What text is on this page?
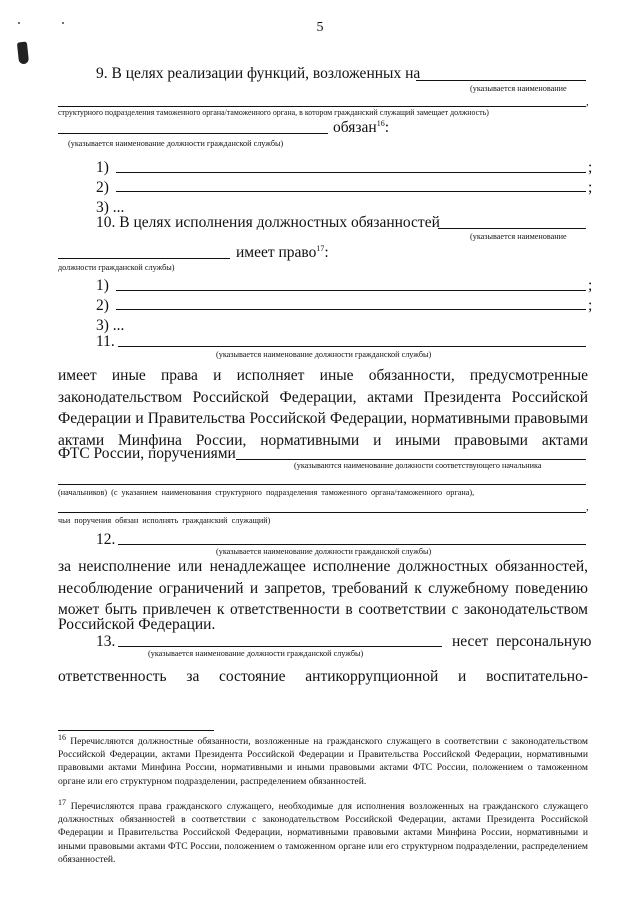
5
9. В целях реализации функций, возложенных на
(указывается наименование
,
структурного подразделения таможенного органа/таможенного органа, в котором гражданский служащий замещает должность)
обязан$^{16}$:
(указывается наименование должности гражданской службы)
1)	;
2)	;
3) ...
10. В целях исполнения должностных обязанностей
(указывается наименование
имеет право$^{17}$:
должности гражданской службы)
1)	;
2)	;
3) ...
11.
(указывается наименование должности гражданской службы)
имеет иные права и исполняет иные обязанности, предусмотренные законодательством Российской Федерации, актами Президента Российской Федерации и Правительства Российской Федерации, нормативными правовыми актами Минфина России, нормативными и иными правовыми актами
ФТС России, поручениями
(указываются наименование должности соответствующего начальника
(начальников) (с указанием наименования структурного подразделения таможенного органа/таможенного органа),
,
чьи поручения обязан исполнять гражданский служащий)
12.
(указывается наименование должности гражданской службы)
за неисполнение или ненадлежащее исполнение должностных обязанностей, несоблюдение ограничений и запретов, требований к служебному поведению может быть привлечен к ответственности в соответствии с законодательством
Российской Федерации.
13.	несет персональную
(указывается наименование должности гражданской службы)
ответственность за состояние антикоррупционной и воспитательно-
$^{16}$ Перечисляются должностные обязанности, возложенные на гражданского служащего в соответствии с законодательством Российской Федерации, актами Президента Российской Федерации и Правительства Российской Федерации, нормативными правовыми актами Минфина России, нормативными и иными правовыми актами ФТС России, положением о таможенном органе или его структурном подразделении, распределением обязанностей.
$^{17}$ Перечисляются права гражданского служащего, необходимые для исполнения возложенных на гражданского служащего должностных обязанностей в соответствии с законодательством Российской Федерации, актами Президента Российской Федерации и Правительства Российской Федерации, нормативными правовыми актами Минфина России, нормативными и иными правовыми актами ФТС России, положением о таможенном органе или его структурном подразделении, распределением обязанностей.
